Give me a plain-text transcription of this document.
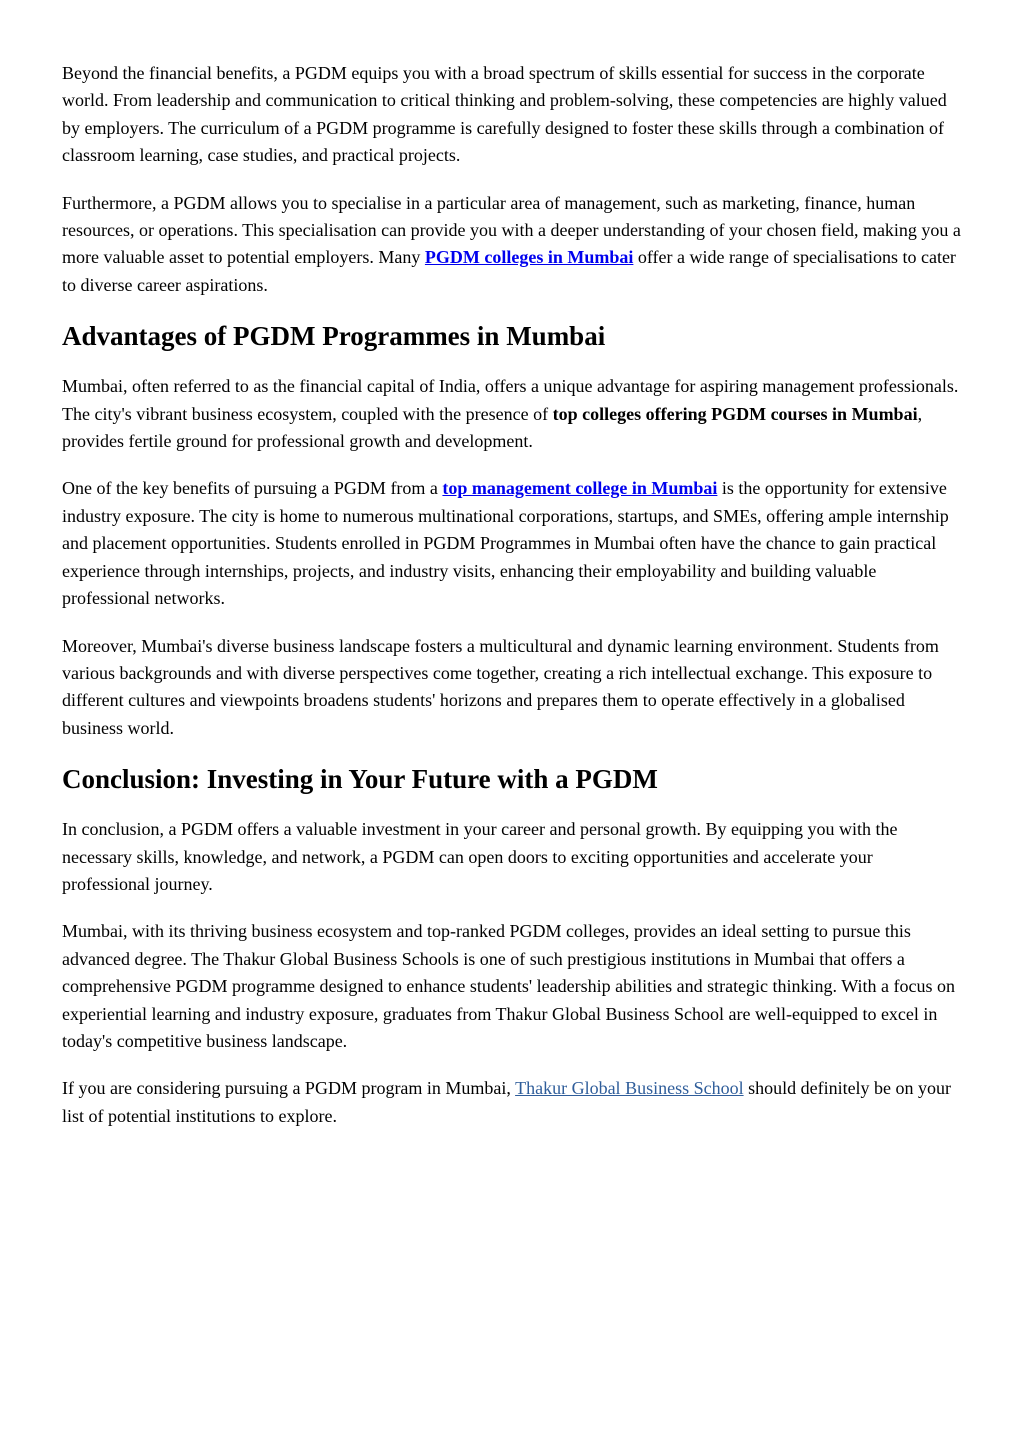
Beyond the financial benefits, a PGDM equips you with a broad spectrum of skills essential for success in the corporate world. From leadership and communication to critical thinking and problem-solving, these competencies are highly valued by employers. The curriculum of a PGDM programme is carefully designed to foster these skills through a combination of classroom learning, case studies, and practical projects.

Furthermore, a PGDM allows you to specialise in a particular area of management, such as marketing, finance, human resources, or operations. This specialisation can provide you with a deeper understanding of your chosen field, making you a more valuable asset to potential employers. Many PGDM colleges in Mumbai offer a wide range of specialisations to cater to diverse career aspirations.

Advantages of PGDM Programmes in Mumbai

Mumbai, often referred to as the financial capital of India, offers a unique advantage for aspiring management professionals. The city's vibrant business ecosystem, coupled with the presence of top colleges offering PGDM courses in Mumbai, provides fertile ground for professional growth and development.

One of the key benefits of pursuing a PGDM from a top management college in Mumbai is the opportunity for extensive industry exposure. The city is home to numerous multinational corporations, startups, and SMEs, offering ample internship and placement opportunities. Students enrolled in PGDM Programmes in Mumbai often have the chance to gain practical experience through internships, projects, and industry visits, enhancing their employability and building valuable professional networks.

Moreover, Mumbai's diverse business landscape fosters a multicultural and dynamic learning environment. Students from various backgrounds and with diverse perspectives come together, creating a rich intellectual exchange. This exposure to different cultures and viewpoints broadens students' horizons and prepares them to operate effectively in a globalised business world.

Conclusion: Investing in Your Future with a PGDM

In conclusion, a PGDM offers a valuable investment in your career and personal growth. By equipping you with the necessary skills, knowledge, and network, a PGDM can open doors to exciting opportunities and accelerate your professional journey.

Mumbai, with its thriving business ecosystem and top-ranked PGDM colleges, provides an ideal setting to pursue this advanced degree. The Thakur Global Business Schools is one of such prestigious institutions in Mumbai that offers a comprehensive PGDM programme designed to enhance students' leadership abilities and strategic thinking. With a focus on experiential learning and industry exposure, graduates from Thakur Global Business School are well-equipped to excel in today's competitive business landscape.

If you are considering pursuing a PGDM program in Mumbai, Thakur Global Business School should definitely be on your list of potential institutions to explore.
